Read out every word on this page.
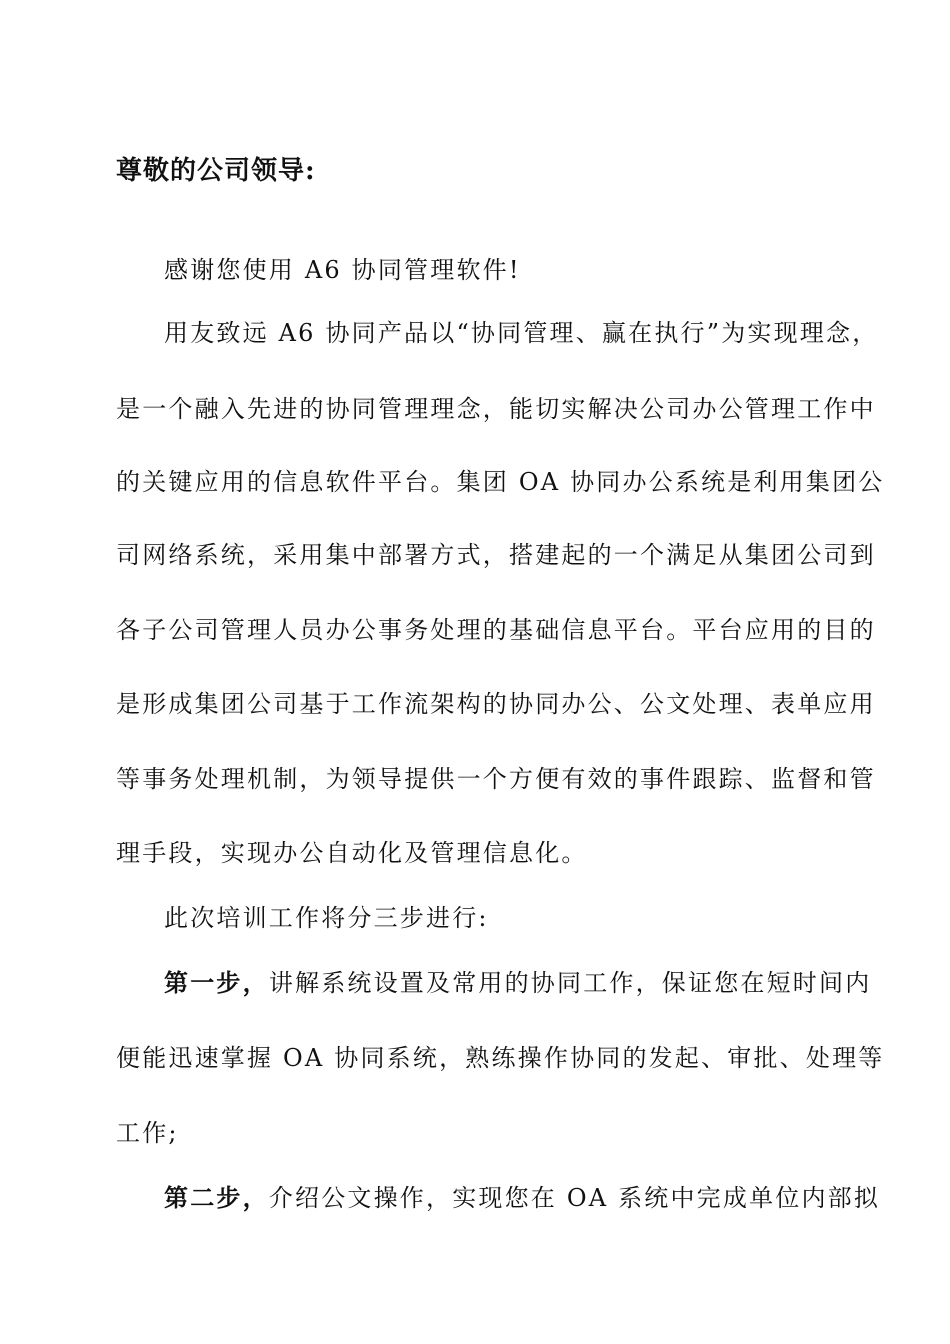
尊敬的公司领导:
感谢您使用 A6 协同管理软件!
用友致远 A6 协同产品以“协同管理、赢在执行”为实现理念，
是一个融入先进的协同管理理念，能切实解决公司办公管理工作中
的关键应用的信息软件平台。集团 OA 协同办公系统是利用集团公
司网络系统，采用集中部署方式，搭建起的一个满足从集团公司到
各子公司管理人员办公事务处理的基础信息平台。平台应用的目的
是形成集团公司基于工作流架构的协同办公、公文处理、表单应用
等事务处理机制，为领导提供一个方便有效的事件跟踪、监督和管
理手段，实现办公自动化及管理信息化。
此次培训工作将分三步进行:
第一步，讲解系统设置及常用的协同工作，保证您在短时间内
便能迅速掌握 OA 协同系统，熟练操作协同的发起、审批、处理等
工作;
第二步，介绍公文操作，实现您在 OA 系统中完成单位内部拟
